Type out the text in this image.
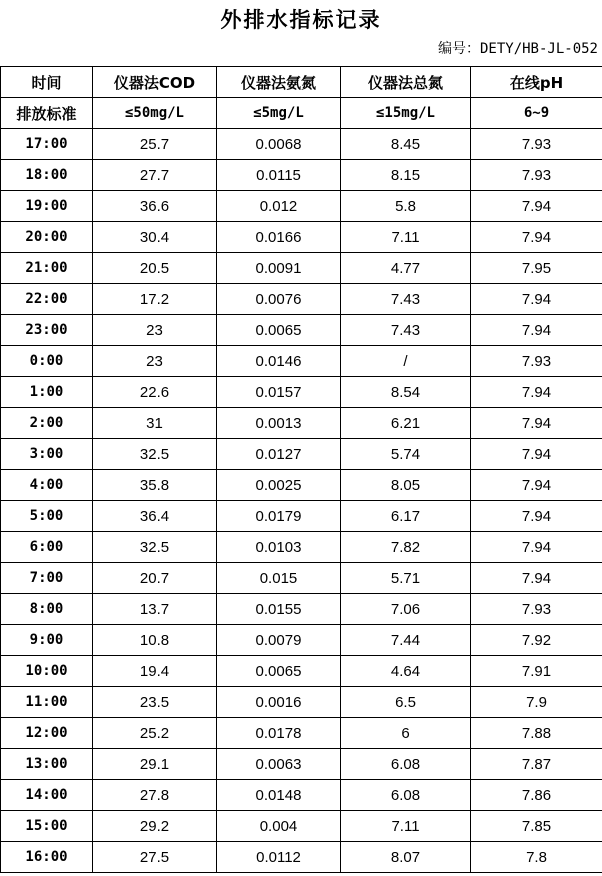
外排水指标记录
编号：DETY/HB-JL-052
时间	仪器法COD	仪器法氨氮	仪器法总氮	在线pH
排放标准	≤50mg/L	≤5mg/L	≤15mg/L	6~9
17:00	25.7	0.0068	8.45	7.93
18:00	27.7	0.0115	8.15	7.93
19:00	36.6	0.012	5.8	7.94
20:00	30.4	0.0166	7.11	7.94
21:00	20.5	0.0091	4.77	7.95
22:00	17.2	0.0076	7.43	7.94
23:00	23	0.0065	7.43	7.94
0:00	23	0.0146	/	7.93
1:00	22.6	0.0157	8.54	7.94
2:00	31	0.0013	6.21	7.94
3:00	32.5	0.0127	5.74	7.94
4:00	35.8	0.0025	8.05	7.94
5:00	36.4	0.0179	6.17	7.94
6:00	32.5	0.0103	7.82	7.94
7:00	20.7	0.015	5.71	7.94
8:00	13.7	0.0155	7.06	7.93
9:00	10.8	0.0079	7.44	7.92
10:00	19.4	0.0065	4.64	7.91
11:00	23.5	0.0016	6.5	7.9
12:00	25.2	0.0178	6	7.88
13:00	29.1	0.0063	6.08	7.87
14:00	27.8	0.0148	6.08	7.86
15:00	29.2	0.004	7.11	7.85
16:00	27.5	0.0112	8.07	7.8
